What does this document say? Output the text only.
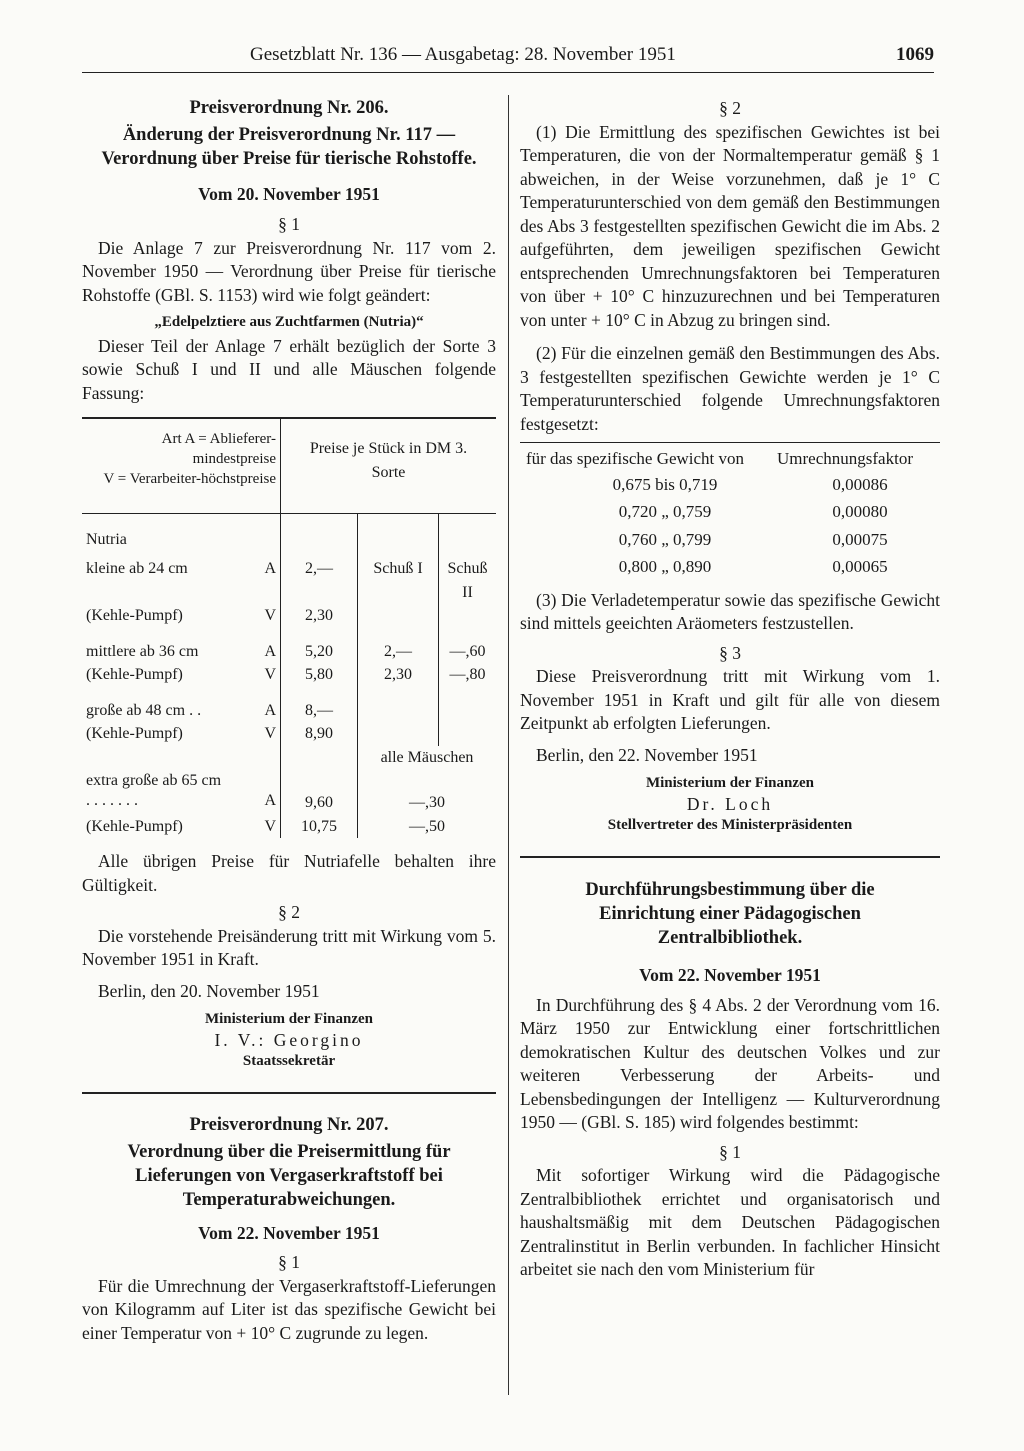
Gesetzblatt Nr. 136 — Ausgabetag: 28. November 1951	1069
Preisverordnung Nr. 206.
Änderung der Preisverordnung Nr. 117 — Verordnung über Preise für tierische Rohstoffe.
Vom 20. November 1951
§ 1
Die Anlage 7 zur Preisverordnung Nr. 117 vom 2. November 1950 — Verordnung über Preise für tierische Rohstoffe (GBl. S. 1153) wird wie folgt geändert:
„Edelpelztiere aus Zuchtfarmen (Nutria)“
Dieser Teil der Anlage 7 erhält bezüglich der Sorte 3 sowie Schuß I und II und alle Mäuschen folgende Fassung:
Art A = Ablieferer-mindestpreise
V = Verarbeiter-höchstpreise	Preise je Stück in DM 3. Sorte		

Nutria			
kleine ab 24 cm A	2,—	Schuß I	Schuß II
(Kehle-Pumpf) V	2,30		
mittlere ab 36 cm A	5,20	2,—	—,60
(Kehle-Pumpf) V	5,80	2,30	—,80
große ab 48 cm . . A	8,—		
(Kehle-Pumpf) V	8,90		
		alle Mäuschen	
extra große ab 65 cm . . . . . . . A	9,60	—,30	
(Kehle-Pumpf) V	10,75	—,50	
Alle übrigen Preise für Nutriafelle behalten ihre Gültigkeit.
§ 2
Die vorstehende Preisänderung tritt mit Wirkung vom 5. November 1951 in Kraft.
Berlin, den 20. November 1951
Ministerium der Finanzen
I. V.: Georgino
Staatssekretär
Preisverordnung Nr. 207.
Verordnung über die Preisermittlung für Lieferungen von Vergaserkraftstoff bei Temperaturabweichungen.
Vom 22. November 1951
§ 1
Für die Umrechnung der Vergaserkraftstoff-Lieferungen von Kilogramm auf Liter ist das spezifische Gewicht bei einer Temperatur von + 10° C zugrunde zu legen.
§ 2
(1) Die Ermittlung des spezifischen Gewichtes ist bei Temperaturen, die von der Normaltemperatur gemäß § 1 abweichen, in der Weise vorzunehmen, daß je 1° C Temperaturunterschied von dem gemäß den Bestimmungen des Abs 3 festgestellten spezifischen Gewicht die im Abs. 2 aufgeführten, dem jeweiligen spezifischen Gewicht entsprechenden Umrechnungsfaktoren bei Temperaturen von über + 10° C hinzuzurechnen und bei Temperaturen von unter + 10° C in Abzug zu bringen sind.
(2) Für die einzelnen gemäß den Bestimmungen des Abs. 3 festgestellten spezifischen Gewichte werden je 1° C Temperaturunterschied folgende Umrechnungsfaktoren festgesetzt:
für das spezifische Gewicht von	Umrechnungsfaktor
0,675 bis 0,719	0,00086
0,720 „ 0,759	0,00080
0,760 „ 0,799	0,00075
0,800 „ 0,890	0,00065
(3) Die Verladetemperatur sowie das spezifische Gewicht sind mittels geeichten Aräometers festzustellen.
§ 3
Diese Preisverordnung tritt mit Wirkung vom 1. November 1951 in Kraft und gilt für alle von diesem Zeitpunkt ab erfolgten Lieferungen.
Berlin, den 22. November 1951
Ministerium der Finanzen
Dr. Loch
Stellvertreter des Ministerpräsidenten
Durchführungsbestimmung über die Einrichtung einer Pädagogischen Zentralbibliothek.
Vom 22. November 1951
In Durchführung des § 4 Abs. 2 der Verordnung vom 16. März 1950 zur Entwicklung einer fortschrittlichen demokratischen Kultur des deutschen Volkes und zur weiteren Verbesserung der Arbeits- und Lebensbedingungen der Intelligenz — Kulturverordnung 1950 — (GBl. S. 185) wird folgendes bestimmt:
§ 1
Mit sofortiger Wirkung wird die Pädagogische Zentralbibliothek errichtet und organisatorisch und haushaltsmäßig mit dem Deutschen Pädagogischen Zentralinstitut in Berlin verbunden. In fachlicher Hinsicht arbeitet sie nach den vom Ministerium für
